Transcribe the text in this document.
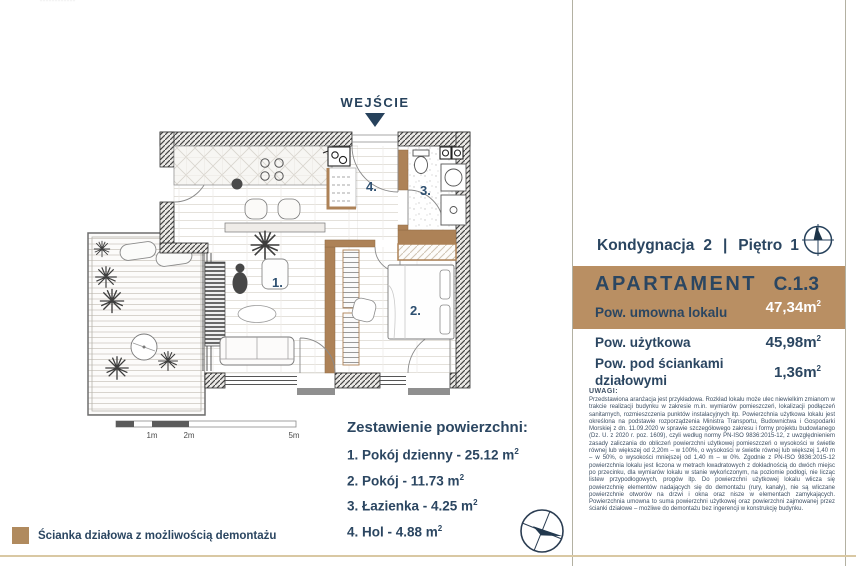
············
WEJŚCIE
1.
2.
3.
4.
1m	2m	5m	Zestawienie powierzchni:
1. Pokój dzienny - 25.12 $m^2$
2. Pokój - 11.73 $m^2$
3. Łazienka - 4.25 $m^2$
4. Hol - 4.88 $m^2$
Ścianka działowa z możliwością demontażu
Kondygnacja 2 | Piętro 1
APARTAMENT C.1.3
Pow. umowna lokalu	$47,34m^2$
Pow. użytkowa	$45,98m^2$
Pow. pod ściankami działowymi	$1,36m^2$
UWAGI:
Przedstawiona aranżacja jest przykładowa. Rozkład lokalu może ulec niewielkim zmianom w trakcie realizacji budynku w zakresie m.in. wymiarów pomieszczeń, lokalizacji podłączeń sanitarnych, rozmieszczenia punktów instalacyjnych itp. Powierzchnia użytkowa lokalu jest określona na podstawie rozporządzenia Ministra Transportu, Budownictwa i Gospodarki Morskiej z dn. 11.09.2020 w sprawie szczegółowego zakresu i formy projektu budowlanego (Dz. U. z 2020 r. poz. 1609), czyli według normy PN-ISO 9836:2015-12, z uwzględnieniem zasady zaliczania do obliczeń powierzchni użytkowej pomieszczeń o wysokości w świetle równej lub większej od 2,20m – w 100%, o wysokości w świetle równej lub większej 1,40 m – w 50%, o wysokości mniejszej od 1,40 m – w 0%. Zgodnie z PN-ISO 9836:2015-12 powierzchnia lokalu jest liczona w metrach kwadratowych z dokładnością do dwóch miejsc po przecinku, dla wymiarów lokalu w stanie wykończonym, na poziomie podłogi, nie licząc listew przypodłogowych, progów itp. Do powierzchni użytkowej lokalu wlicza się powierzchnię elementów nadających się do demontażu (rury, kanały), nie są wliczane powierzchnie otworów na drzwi i okna oraz nisze w elementach zamykających. Powierzchnia umowna to suma powierzchni użytkowej oraz powierzchni zajmowanej przez ścianki działowe – możliwe do demontażu bez ingerencji w konstrukcję budynku.
